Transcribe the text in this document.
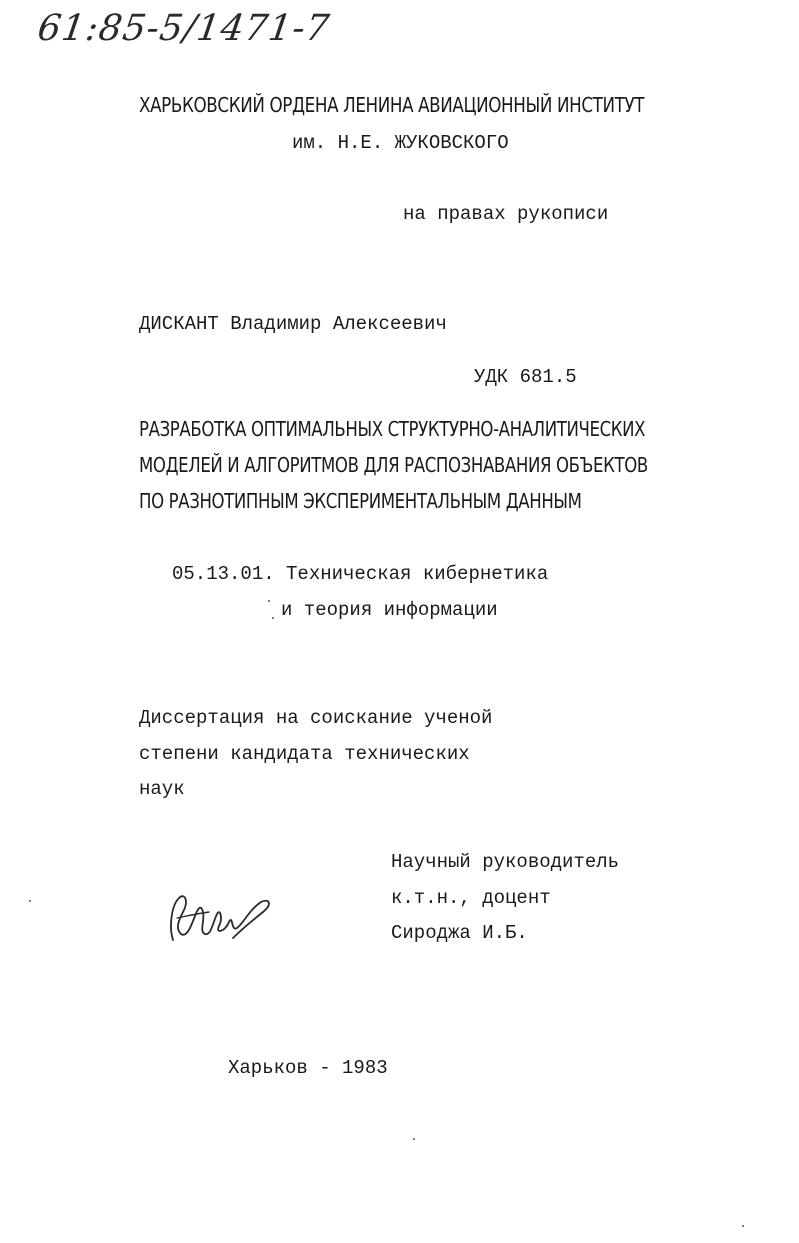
61:85-5/1471-7
ХАРЬКОВСКИЙ ОРДЕНА ЛЕНИНА АВИАЦИОННЫЙ ИНСТИТУТ
им. Н.Е. ЖУКОВСКОГО
на правах рукописи
ДИСКАНТ Владимир Алексеевич
УДК 681.5
РАЗРАБОТКА ОПТИМАЛЬНЫХ СТРУКТУРНО-АНАЛИТИЧЕСКИХ
МОДЕЛЕЙ И АЛГОРИТМОВ ДЛЯ РАСПОЗНАВАНИЯ ОБЪЕКТОВ
ПО РАЗНОТИПНЫМ ЭКСПЕРИМЕНТАЛЬНЫМ ДАННЫМ
05.13.01. Техническая кибернетика
и теория информации
Диссертация на соискание ученой
степени кандидата технических
наук
Научный руководитель
к.т.н., доцент
Сироджа И.Б.
Харьков - 1983
